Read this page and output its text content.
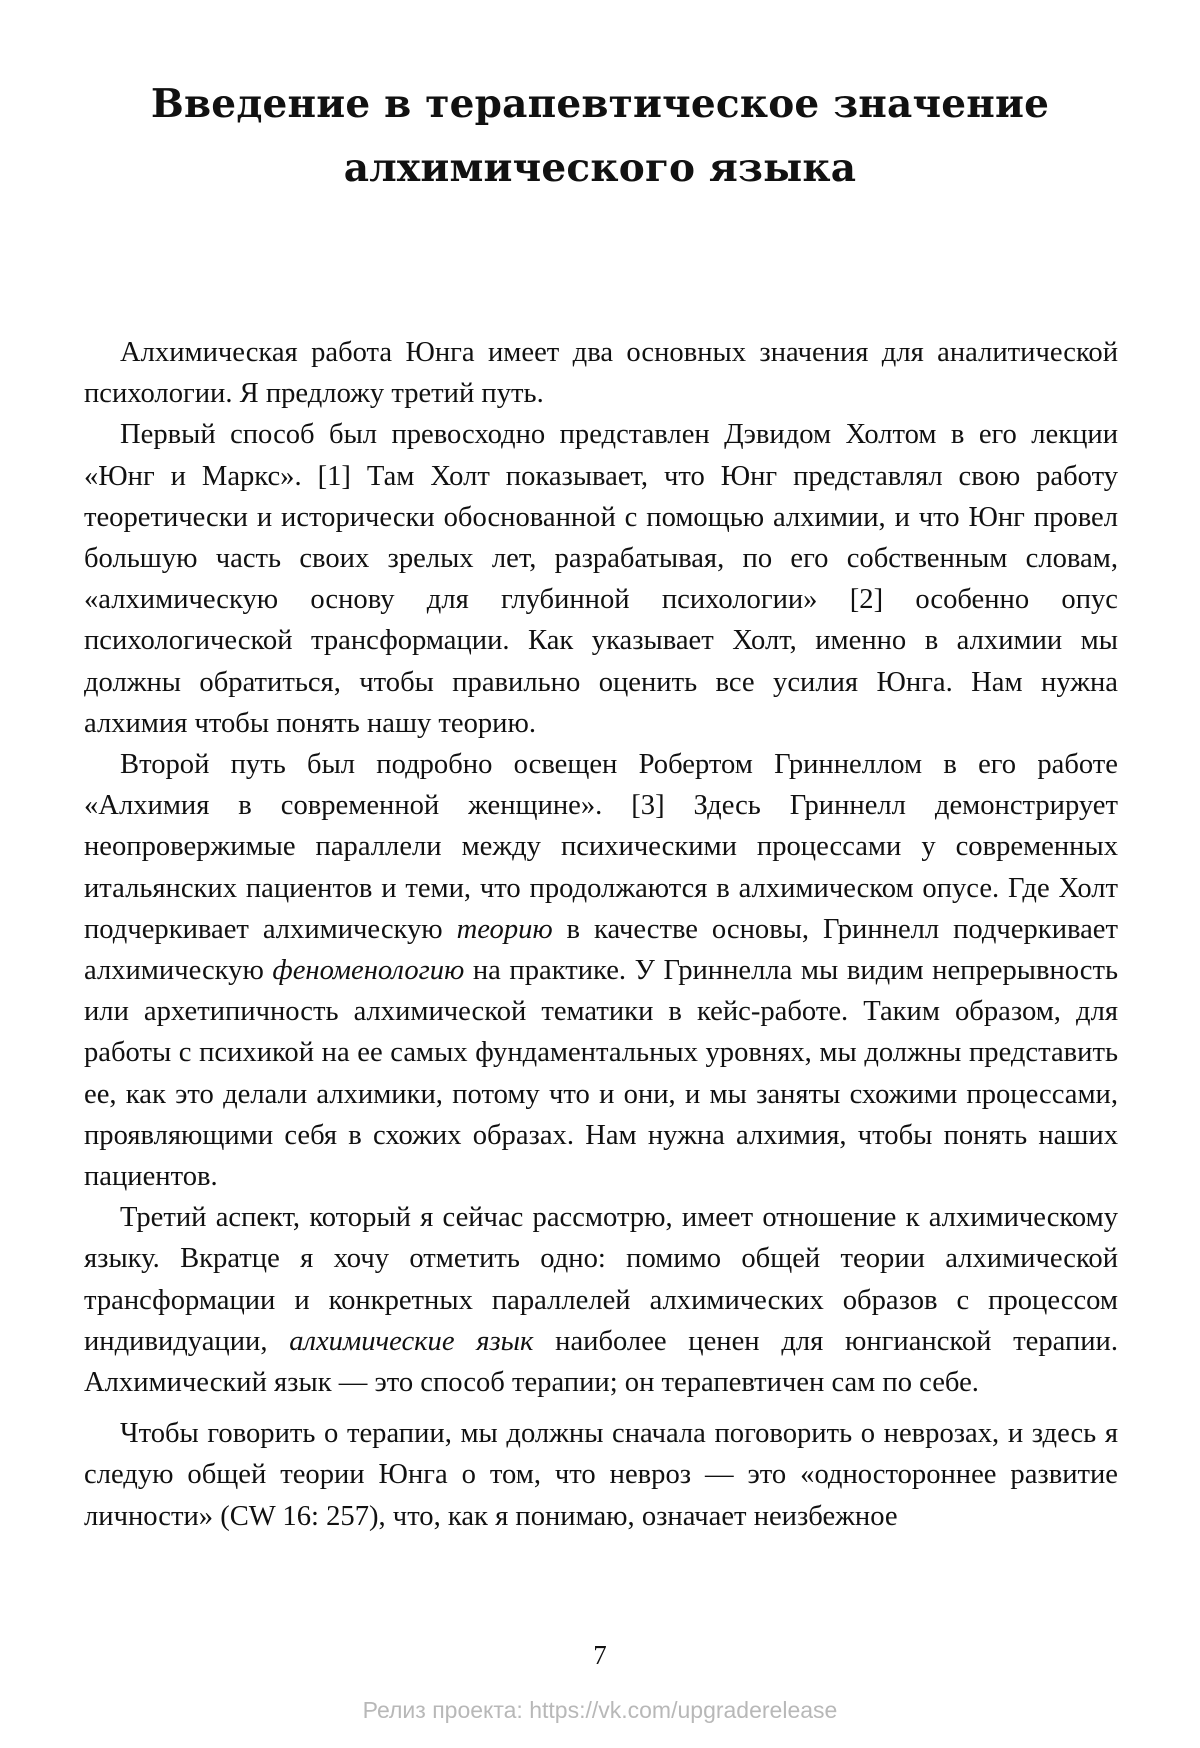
Введение в терапевтическое значение
алхимического языка

Алхимическая работа Юнга имеет два основных значения для аналитической психологии. Я предложу третий путь.

Первый способ был превосходно представлен Дэвидом Холтом в его лекции «Юнг и Маркс». [1] Там Холт показывает, что Юнг представлял свою работу теоретически и исторически обоснованной с помощью алхимии, и что Юнг провел большую часть своих зрелых лет, разрабатывая, по его собственным словам, «алхимическую основу для глубинной психологии» [2] особенно опус психологической трансформации. Как указывает Холт, именно в алхимии мы должны обратиться, чтобы правильно оценить все усилия Юнга. Нам нужна алхимия чтобы понять нашу теорию.

Второй путь был подробно освещен Робертом Гриннеллом в его работе «Алхимия в современной женщине». [3] Здесь Гриннелл демонстрирует неопровержимые параллели между психическими процессами у современных итальянских пациентов и теми, что продолжаются в алхимическом опусе. Где Холт подчеркивает алхимическую теорию в качестве основы, Гриннелл подчеркивает алхимическую феноменологию на практике. У Гриннелла мы видим непрерывность или архетипичность алхимической тематики в кейс-работе. Таким образом, для работы с психикой на ее самых фундаментальных уровнях, мы должны представить ее, как это делали алхимики, потому что и они, и мы заняты схожими процессами, проявляющими себя в схожих образах. Нам нужна алхимия, чтобы понять наших пациентов.

Третий аспект, который я сейчас рассмотрю, имеет отношение к алхимическому языку. Вкратце я хочу отметить одно: помимо общей теории алхимической трансформации и конкретных параллелей алхимических образов с процессом индивидуации, алхимические язык наиболее ценен для юнгианской терапии. Алхимический язык — это способ терапии; он терапевтичен сам по себе.

Чтобы говорить о терапии, мы должны сначала поговорить о неврозах, и здесь я следую общей теории Юнга о том, что невроз — это «одностороннее развитие личности» (CW 16: 257), что, как я понимаю, означает неизбежное

7
Релиз проекта: https://vk.com/upgraderelease
